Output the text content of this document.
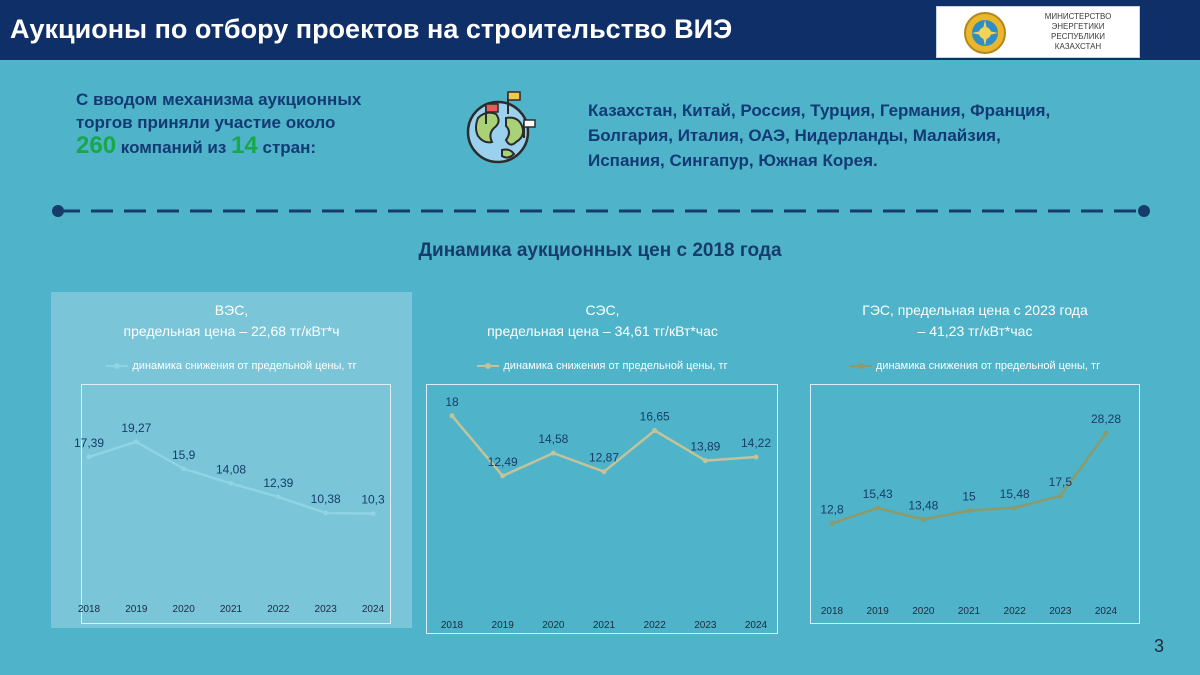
Аукционы по отбору проектов на строительство ВИЭ	МИНИСТЕРСТВО
ЭНЕРГЕТИКИ
РЕСПУБЛИКИ
КАЗАХСТАН
С вводом механизма аукционных
торгов приняли участие около
260 компаний из 14 стран:
Казахстан, Китай, Россия, Турция, Германия, Франция,
Болгария, Италия, ОАЭ, Нидерланды, Малайзия,
Испания, Сингапур, Южная Корея.
Динамика аукционных цен с 2018 года
ВЭС,
предельная цена – 22,68 тг/кВт*ч
динамика снижения от предельной цены, тг
17,39
2018
19,27
2019
15,9
2020
14,08
2021
12,39
2022
10,38
2023
10,3
2024
СЭС,
предельная цена – 34,61 тг/кВт*час
динамика снижения от предельной цены, тг
18
2018
12,49
2019
14,58
2020
12,87
2021
16,65
2022
13,89
2023
14,22
2024
ГЭС, предельная цена с 2023 года
– 41,23 тг/кВт*час
динамика снижения от предельной цены, тг
12,8
2018
15,43
2019
13,48
2020
15
2021
15,48
2022
17,5
2023
28,28
2024
3
